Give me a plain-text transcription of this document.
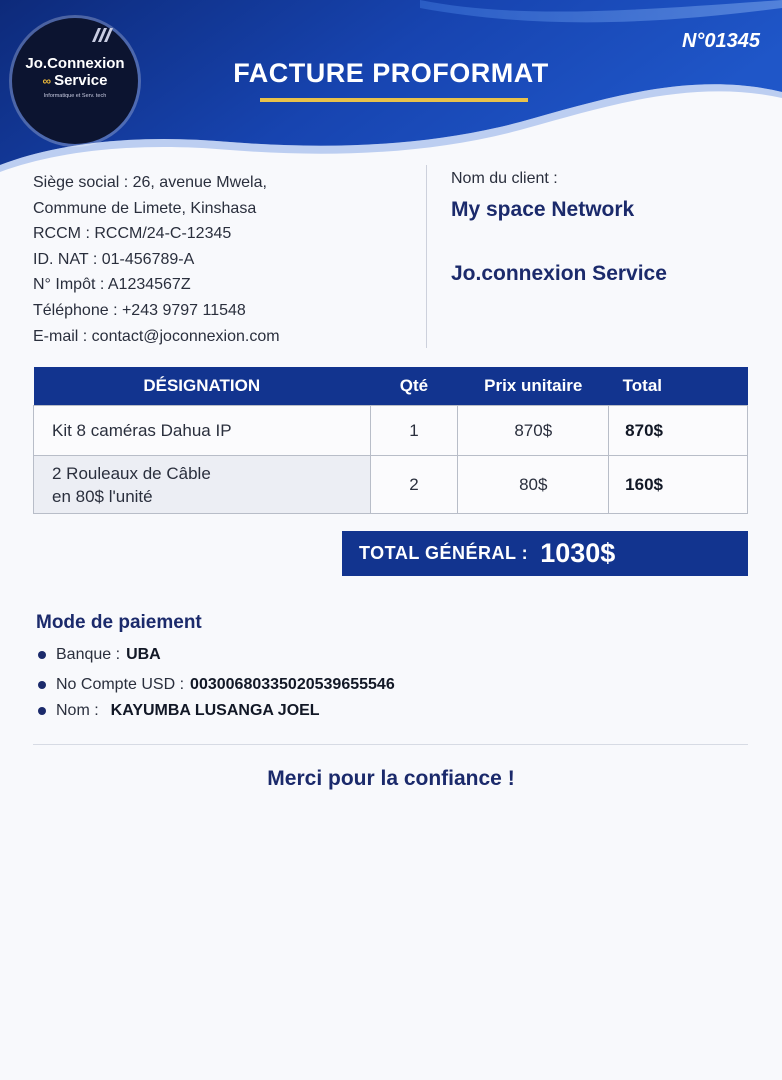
Jo.Connexion
∞ Service
Informatique et Serv. tech
N°01345
FACTURE PROFORMAT
Siège social : 26, avenue Mwela,
Commune de Limete, Kinshasa
RCCM : RCCM/24-C-12345
ID. NAT : 01-456789-A
N° Impôt : A1234567Z
Téléphone : +243 9797 11548
E-mail : contact@joconnexion.com
Nom du client :
My space Network
Jo.connexion Service
DÉSIGNATION	Qté	Prix unitaire	Total
Kit 8 caméras Dahua IP	1	870$	870$

2 Rouleaux de Câble
en 80$ l'unité	2	80$	160$
TOTAL GÉNÉRAL : 1030$
Mode de paiement
Banque : UBA
No Compte USD : 00300680335020539655546
Nom : KAYUMBA LUSANGA JOEL
Merci pour la confiance !
